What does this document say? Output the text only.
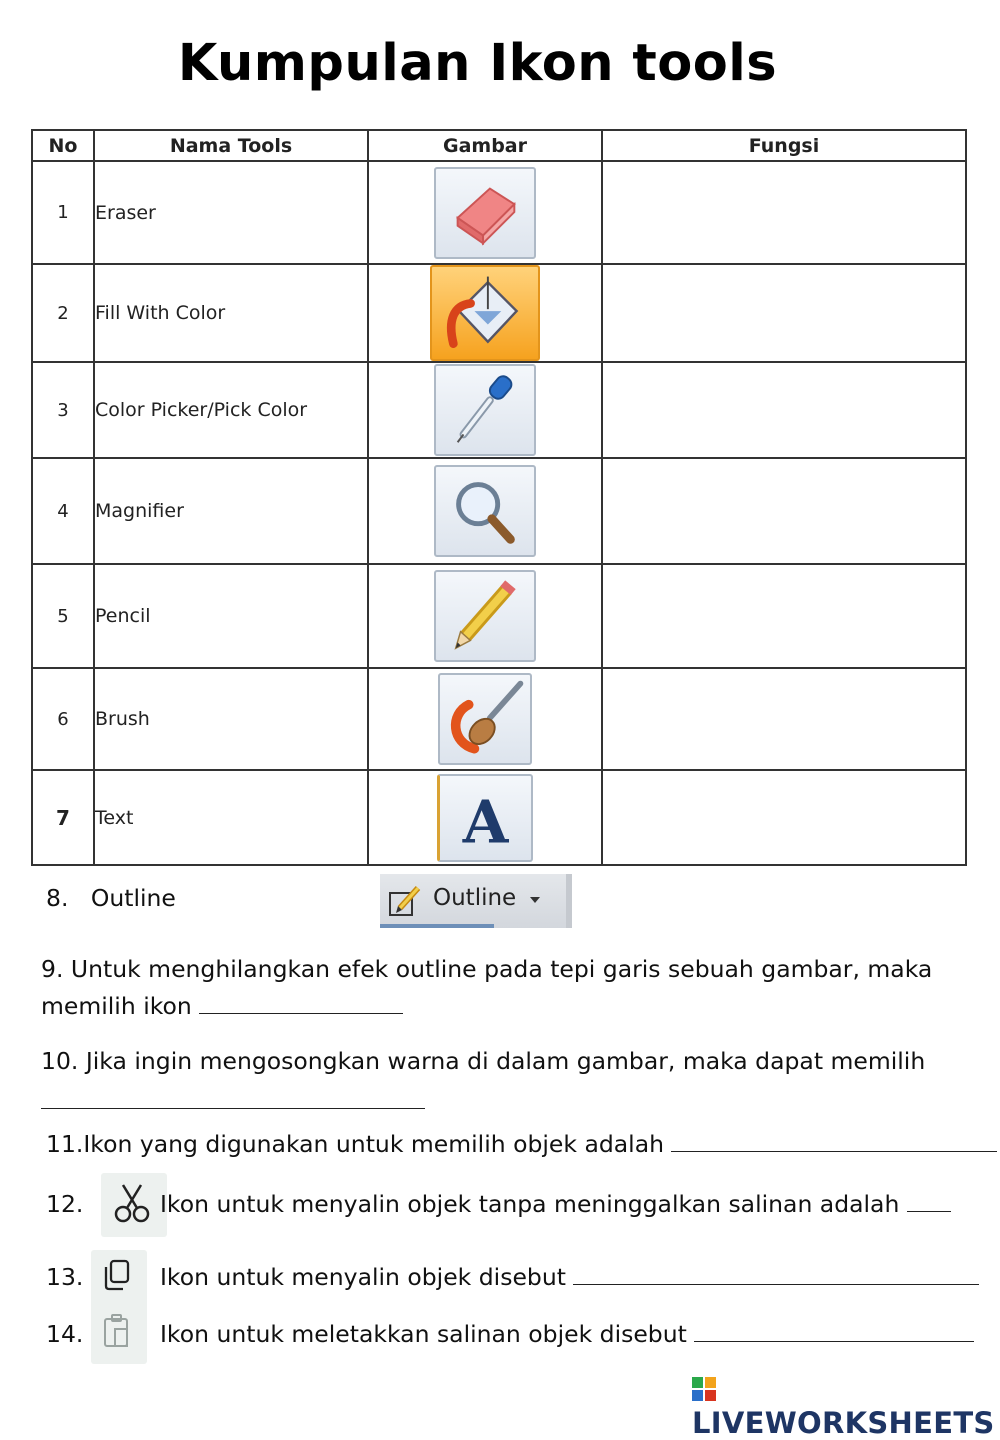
Kumpulan Ikon tools
No	Nama Tools	Gambar	Fungsi
1	Eraser	

2	Fill With Color	

3	Color Picker/Pick Color	

4	Magnifier	

5	Pencil	

6	Brush	

7	Text	A	

8. Outline	Outline
9. Untuk menghilangkan efek outline pada tepi garis sebuah gambar, maka
memilih ikon
10. Jika ingin mengosongkan warna di dalam gambar, maka dapat memilih
11.Ikon yang digunakan untuk memilih objek adalah
12.	Ikon untuk menyalin objek tanpa meninggalkan salinan adalah
13.	Ikon untuk menyalin objek disebut
14.	Ikon untuk meletakkan salinan objek disebut
LIVEWORKSHEETS
